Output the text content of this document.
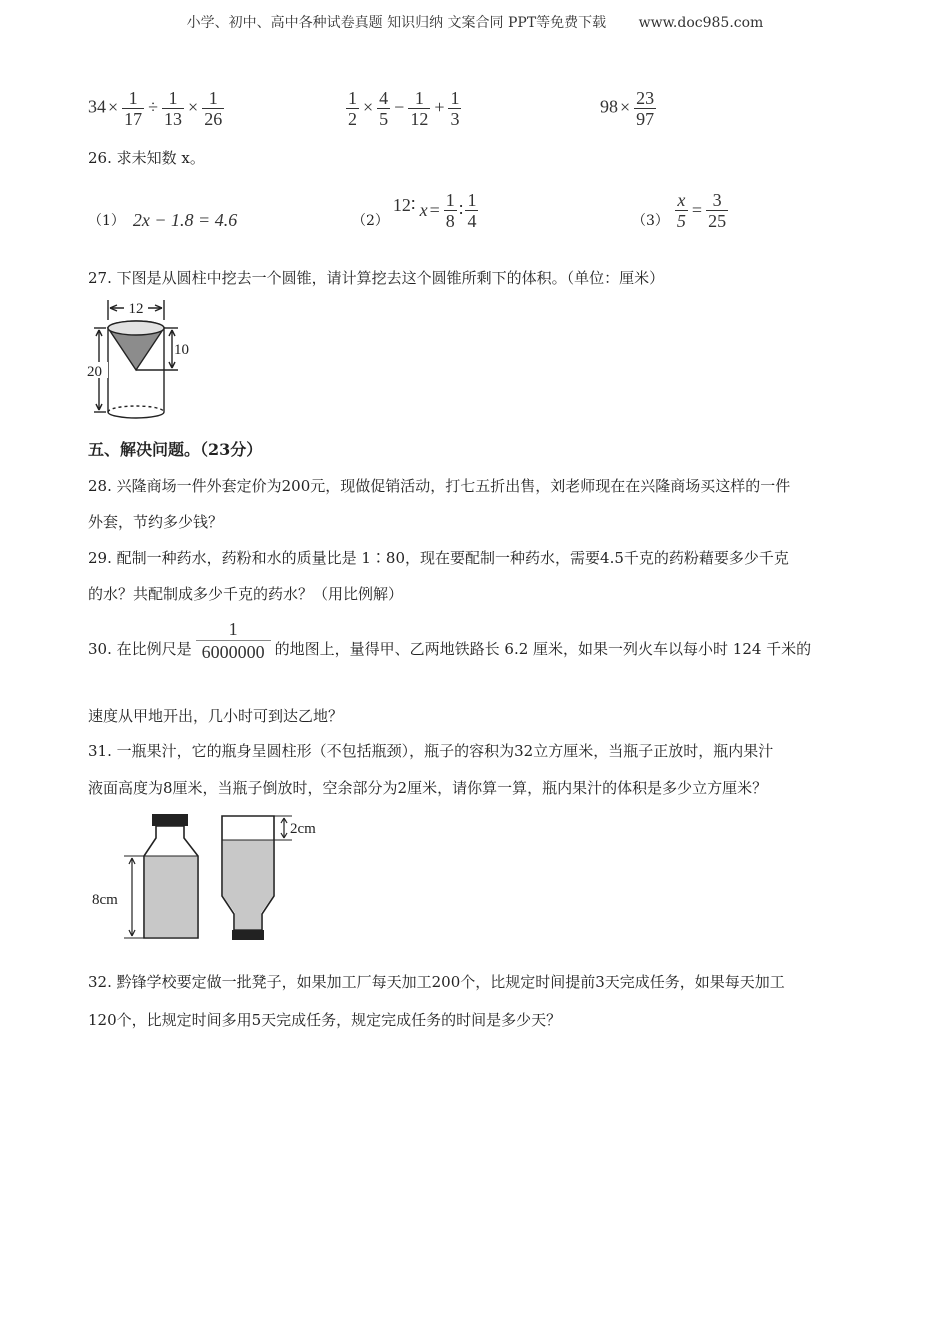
小学、初中、高中各种试卷真题 知识归纳 文案合同 PPT等免费下载 www.doc985.com
$34 \times \frac{1}{17} \div \frac{1}{13} \times \frac{1}{26}$	$\frac{1}{2} \times \frac{4}{5} - \frac{1}{12} + \frac{1}{3}$	$98 \times \frac{23}{97}$
26. 求未知数 x。
（1） 2x − 1.8 = 4.6	（2）
12∶ $x = \frac{1}{8}$ ∶ $\frac{1}{4}$	$(3) \frac{x}{5} = \frac{3}{25}$
27. 下图是从圆柱中挖去一个圆锥，请计算挖去这个圆锥所剩下的体积。（单位：厘米）
12
10
20
五、解决问题。（23分）
28. 兴隆商场一件外套定价为200元，现做促销活动，打七五折出售，刘老师现在在兴隆商场买这样的一件
外套，节约多少钱？
29. 配制一种药水，药粉和水的质量比是 1∶80，现在要配制一种药水，需要4.5千克的药粉藉要多少千克
的水？共配制成多少千克的药水？（用比例解）
30. 在比例尺是 $\frac{1}{6000000}$ 的地图上，量得甲、乙两地铁路长 6.2 厘米，如果一列火车以每小时 124 千米的
速度从甲地开出，几小时可到达乙地？
31. 一瓶果汁，它的瓶身呈圆柱形（不包括瓶颈），瓶子的容积为32立方厘米，当瓶子正放时，瓶内果汁
液面高度为8厘米，当瓶子倒放时，空余部分为2厘米，请你算一算，瓶内果汁的体积是多少立方厘米？
8cm
2cm
32. 黔锋学校要定做一批凳子，如果加工厂每天加工200个，比规定时间提前3天完成任务，如果每天加工
120个，比规定时间多用5天完成任务，规定完成任务的时间是多少天？
